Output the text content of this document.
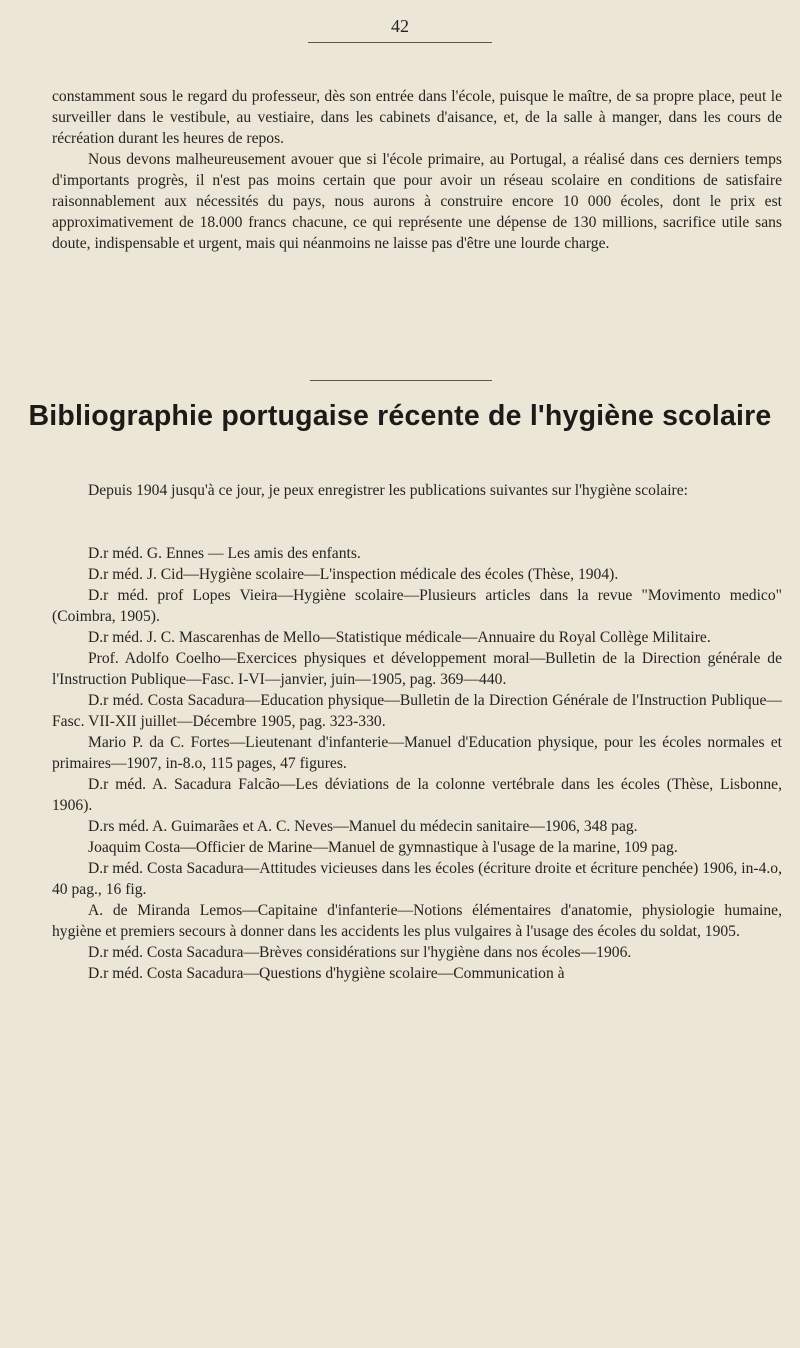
42

constamment sous le regard du professeur, dès son entrée dans l'école, puisque le maître, de sa propre place, peut le surveiller dans le vestibule, au vestiaire, dans les cabinets d'aisance, et, de la salle à manger, dans les cours de récréation durant les heures de repos.

Nous devons malheureusement avouer que si l'école primaire, au Portugal, a réalisé dans ces derniers temps d'importants progrès, il n'est pas moins certain que pour avoir un réseau scolaire en conditions de satisfaire raisonnablement aux nécessités du pays, nous aurons à construire encore 10 000 écoles, dont le prix est approximativement de 18.000 francs chacune, ce qui représente une dépense de 130 millions, sacrifice utile sans doute, indispensable et urgent, mais qui néanmoins ne laisse pas d'être une lourde charge.

Bibliographie portugaise récente de l'hygiène scolaire

Depuis 1904 jusqu'à ce jour, je peux enregistrer les publications suivantes sur l'hygiène scolaire:

D.r méd. G. Ennes — Les amis des enfants.

D.r méd. J. Cid—Hygiène scolaire—L'inspection médicale des écoles (Thèse, 1904).

D.r méd. prof Lopes Vieira—Hygiène scolaire—Plusieurs articles dans la revue "Movimento medico" (Coimbra, 1905).

D.r méd. J. C. Mascarenhas de Mello—Statistique médicale—Annuaire du Royal Collège Militaire.

Prof. Adolfo Coelho—Exercices physiques et développement moral—Bulletin de la Direction générale de l'Instruction Publique—Fasc. I-VI—janvier, juin—1905, pag. 369—440.

D.r méd. Costa Sacadura—Education physique—Bulletin de la Direction Générale de l'Instruction Publique—Fasc. VII-XII juillet—Décembre 1905, pag. 323-330.

Mario P. da C. Fortes—Lieutenant d'infanterie—Manuel d'Education physique, pour les écoles normales et primaires—1907, in-8.o, 115 pages, 47 figures.

D.r méd. A. Sacadura Falcão—Les déviations de la colonne vertébrale dans les écoles (Thèse, Lisbonne, 1906).

D.rs méd. A. Guimarães et A. C. Neves—Manuel du médecin sanitaire—1906, 348 pag.

Joaquim Costa—Officier de Marine—Manuel de gymnastique à l'usage de la marine, 109 pag.

D.r méd. Costa Sacadura—Attitudes vicieuses dans les écoles (écriture droite et écriture penchée) 1906, in-4.o, 40 pag., 16 fig.

A. de Miranda Lemos—Capitaine d'infanterie—Notions élémentaires d'anatomie, physiologie humaine, hygiène et premiers secours à donner dans les accidents les plus vulgaires à l'usage des écoles du soldat, 1905.

D.r méd. Costa Sacadura—Brèves considérations sur l'hygiène dans nos écoles—1906.

D.r méd. Costa Sacadura—Questions d'hygiène scolaire—Communication à
